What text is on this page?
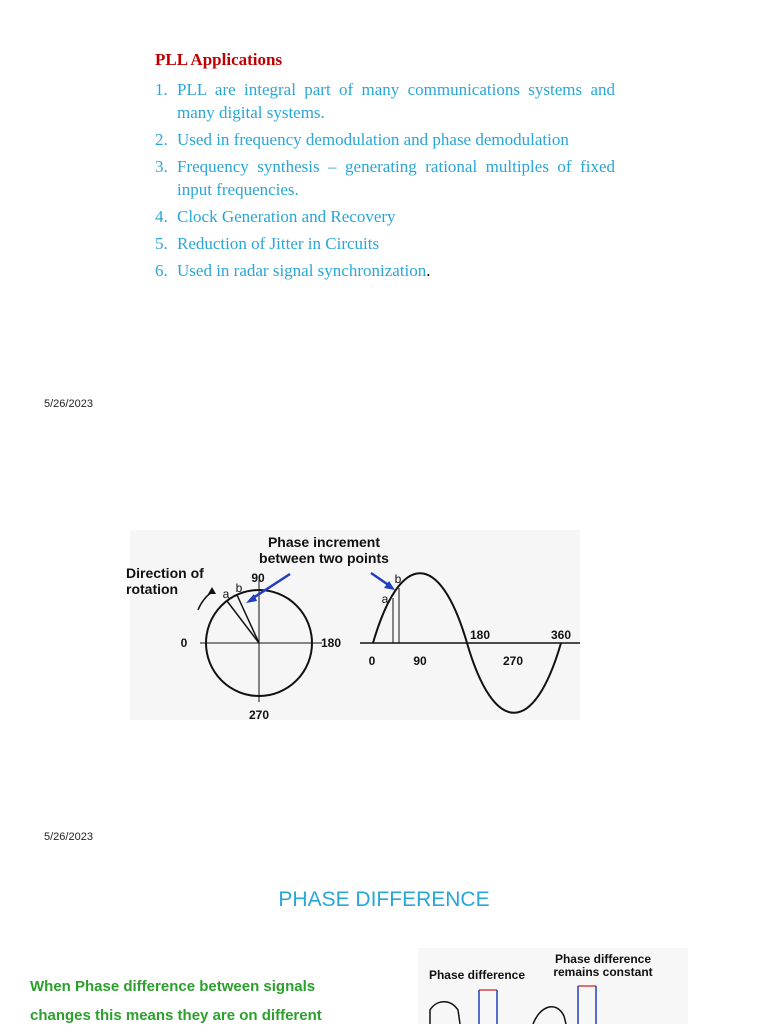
PLL Applications
1. PLL are integral part of many communications systems and many digital systems.
2. Used in frequency demodulation and phase demodulation
3. Frequency synthesis – generating rational multiples of fixed input frequencies.
4. Clock Generation and Recovery
5. Reduction of Jitter in Circuits
6. Used in radar signal synchronization.
5/26/2023
Phase increment
between two points
Direction of
rotation
90
0	180
270
a b
0	90
180
270
360
a
b
5/26/2023
PHASE DIFFERENCE
When Phase difference between signals
changes this means they are on different
Phase difference
Phase difference
remains constant
